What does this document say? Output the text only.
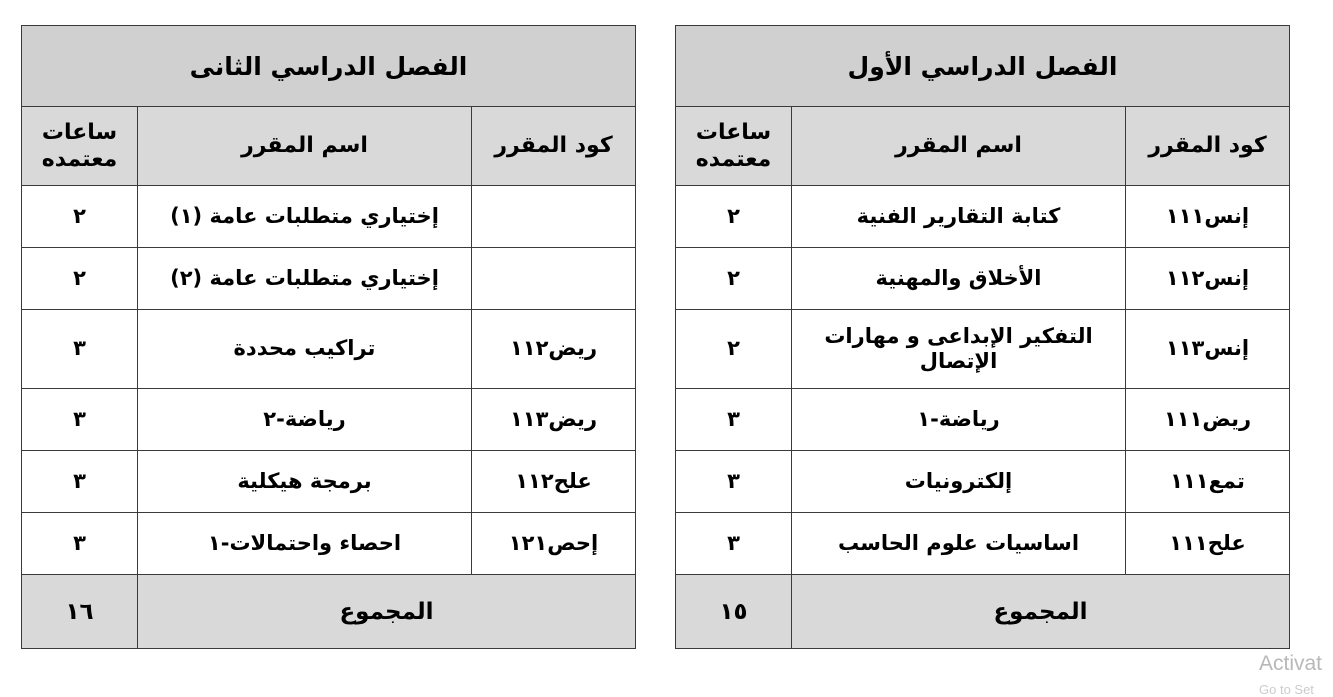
الفصل الدراسي الأول		
كود المقرر	اسم المقرر	ساعات معتمده
إنس١١١	كتابة التقارير الفنية	٢
إنس١١٢	الأخلاق والمهنية	٢
إنس١١٣	التفكير الإبداعى و مهارات الإتصال	٢
ريض١١١	رياضة-١	٣
تمع١١١	إلكترونيات	٣
علح١١١	اساسيات علوم الحاسب	٣
المجموع		١٥
الفصل الدراسي الثانى		
كود المقرر	اسم المقرر	ساعات معتمده
	إختياري متطلبات عامة (١)	٢
	إختياري متطلبات عامة (٢)	٢
ريض١١٢	تراكيب محددة	٣
ريض١١٣	رياضة-٢	٣
علح١١٢	برمجة هيكلية	٣
إحص١٢١	احصاء واحتمالات-١	٣
المجموع		١٦
Activat
Go to Set
